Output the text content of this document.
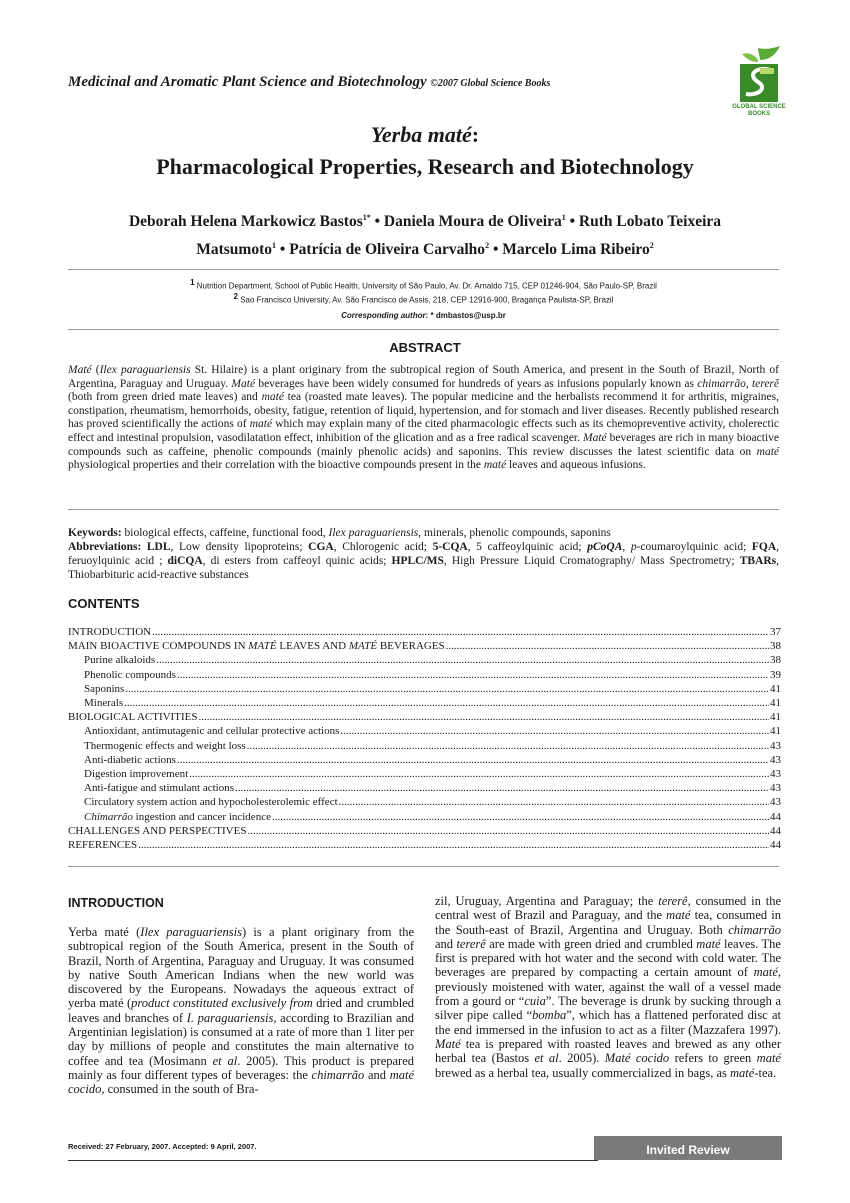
Medicinal and Aromatic Plant Science and Biotechnology ©2007 Global Science Books
GLOBAL SCIENCE
BOOKS
Yerba maté:
Pharmacological Properties, Research and Biotechnology
Deborah Helena Markowicz Bastos$^{1*}$ • Daniela Moura de Oliveira$^1$ • Ruth Lobato Teixeira
Matsumoto$^1$ • Patrícia de Oliveira Carvalho$^2$ • Marcelo Lima Ribeiro$^2$
$^1$ Nutrition Department, School of Public Health, University of São Paulo, Av. Dr. Arnaldo 715, CEP 01246-904, São Paulo-SP, Brazil
$^2$ Sao Francisco University, Av. São Francisco de Assis, 218, CEP 12916-900, Bragança Paulista-SP, Brazil
Corresponding author: * dmbastos@usp.br
ABSTRACT
Maté (Ilex paraguariensis St. Hilaire) is a plant originary from the subtropical region of South America, and present in the South of Brazil, North of Argentina, Paraguay and Uruguay. Maté beverages have been widely consumed for hundreds of years as infusions popularly known as chimarrão, tererê (both from green dried mate leaves) and maté tea (roasted mate leaves). The popular medicine and the herbalists recommend it for arthritis, migraines, constipation, rheumatism, hemorrhoids, obesity, fatigue, retention of liquid, hypertension, and for stomach and liver diseases. Recently published research has proved scientifically the actions of maté which may explain many of the cited pharmacologic effects such as its chemopreventive activity, cholerectic effect and intestinal propulsion, vasodilatation effect, inhibition of the glication and as a free radical scavenger. Maté beverages are rich in many bioactive compounds such as caffeine, phenolic compounds (mainly phenolic acids) and saponins. This review discusses the latest scientific data on maté physiological properties and their correlation with the bioactive compounds present in the maté leaves and aqueous infusions.
Keywords: biological effects, caffeine, functional food, Ilex paraguariensis, minerals, phenolic compounds, saponins
Abbreviations: LDL, Low density lipoproteins; CGA, Chlorogenic acid; 5-CQA, 5 caffeoylquinic acid; pCoQA, p-coumaroylquinic acid; FQA, feruoylquinic acid ; diCQA, di esters from caffeoyl quinic acids; HPLC/MS, High Pressure Liquid Cromatography/ Mass Spectrometry; TBARs, Thiobarbituric acid-reactive substances
CONTENTS
INTRODUCTION .....	37
MAIN BIOACTIVE COMPOUNDS IN MATÉ LEAVES AND MATÉ BEVERAGES .....	38
Purine alkaloids .....	38
Phenolic compounds .....	39
Saponins .....	41
Minerals .....	41
BIOLOGICAL ACTIVITIES .....	41
Antioxidant, antimutagenic and cellular protective actions .....	41
Thermogenic effects and weight loss .....	43
Anti-diabetic actions .....	43
Digestion improvement .....	43
Anti-fatigue and stimulant actions .....	43
Circulatory system action and hypocholesterolemic effect .....	43
Chimarrão ingestion and cancer incidence .....	44
CHALLENGES AND PERSPECTIVES .....	44
REFERENCES .....	44
INTRODUCTION
Yerba maté (Ilex paraguariensis) is a plant originary from the subtropical region of the South America, present in the South of Brazil, North of Argentina, Paraguay and Uruguay. It was consumed by native South American Indians when the new world was discovered by the Europeans. Nowadays the aqueous extract of yerba maté (product constituted exclusively from dried and crumbled leaves and branches of I. paraguariensis, according to Brazilian and Argentinian legislation) is consumed at a rate of more than 1 liter per day by millions of people and constitutes the main alternative to coffee and tea (Mosimann et al. 2005). This product is prepared mainly as four different types of beverages: the chimarrão and maté cocido, consumed in the south of Bra-
zil, Uruguay, Argentina and Paraguay; the tererê, consumed in the central west of Brazil and Paraguay, and the maté tea, consumed in the South-east of Brazil, Argentina and Uruguay. Both chimarrão and tererê are made with green dried and crumbled maté leaves. The first is prepared with hot water and the second with cold water. The beverages are prepared by compacting a certain amount of maté, previously moistened with water, against the wall of a vessel made from a gourd or “cuia”. The beverage is drunk by sucking through a silver pipe called “bomba”, which has a flattened perforated disc at the end immersed in the infusion to act as a filter (Mazzafera 1997). Maté tea is prepared with roasted leaves and brewed as any other herbal tea (Bastos et al. 2005). Maté cocido refers to green maté brewed as a herbal tea, usually commercialized in bags, as maté-tea.
Received: 27 February, 2007. Accepted: 9 April, 2007.	Invited Review
